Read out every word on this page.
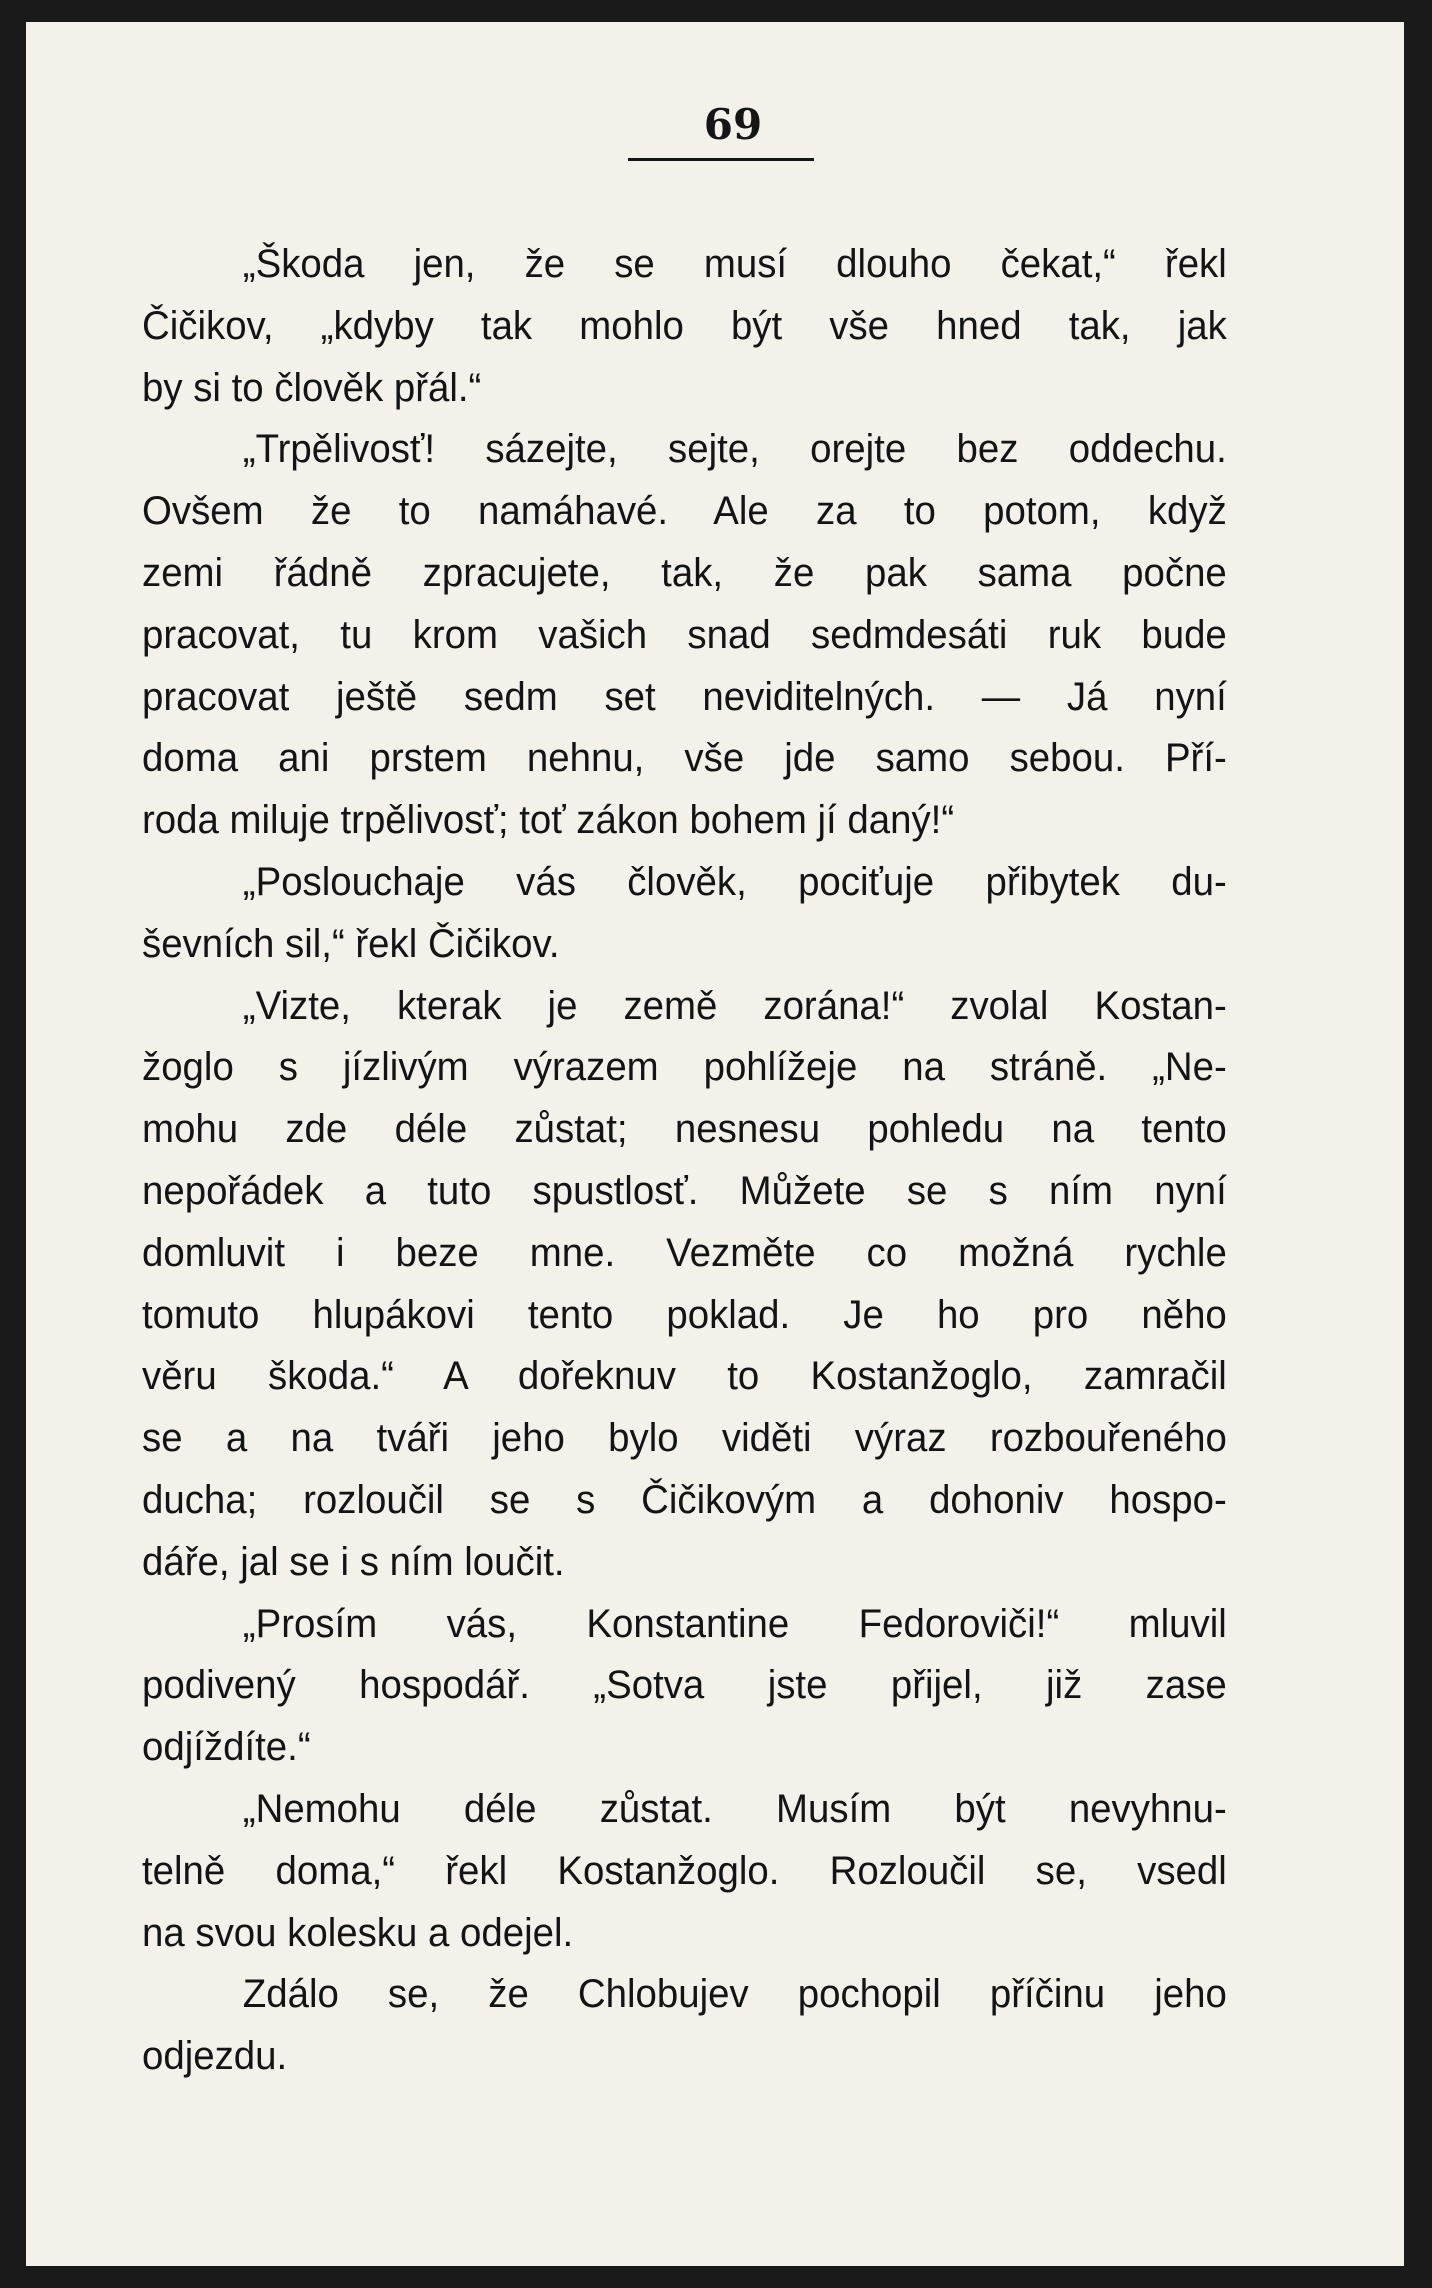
69
„Škoda jen, že se musí dlouho čekat,“ řekl
Čičikov, „kdyby tak mohlo být vše hned tak, jak
by si to člověk přál.“
„Trpělivosť! sázejte, sejte, orejte bez oddechu.
Ovšem že to namáhavé. Ale za to potom, když
zemi řádně zpracujete, tak, že pak sama počne
pracovat, tu krom vašich snad sedmdesáti ruk bude
pracovat ještě sedm set neviditelných. — Já nyní
doma ani prstem nehnu, vše jde samo sebou. Pří-
roda miluje trpělivosť; toť zákon bohem jí daný!“
„Poslouchaje vás člověk, pociťuje přibytek du-
ševních sil,“ řekl Čičikov.
„Vizte, kterak je země zorána!“ zvolal Kostan-
žoglo s jízlivým výrazem pohlížeje na stráně. „Ne-
mohu zde déle zůstat; nesnesu pohledu na tento
nepořádek a tuto spustlosť. Můžete se s ním nyní
domluvit i beze mne. Vezměte co možná rychle
tomuto hlupákovi tento poklad. Je ho pro něho
věru škoda.“ A dořeknuv to Kostanžoglo, zamračil
se a na tváři jeho bylo viděti výraz rozbouřeného
ducha; rozloučil se s Čičikovým a dohoniv hospo-
dáře, jal se i s ním loučit.
„Prosím vás, Konstantine Fedoroviči!“ mluvil
podivený hospodář. „Sotva jste přijel, již zase
odjíždíte.“
„Nemohu déle zůstat. Musím být nevyhnu-
telně doma,“ řekl Kostanžoglo. Rozloučil se, vsedl
na svou kolesku a odejel.
Zdálo se, že Chlobujev pochopil příčinu jeho
odjezdu.
